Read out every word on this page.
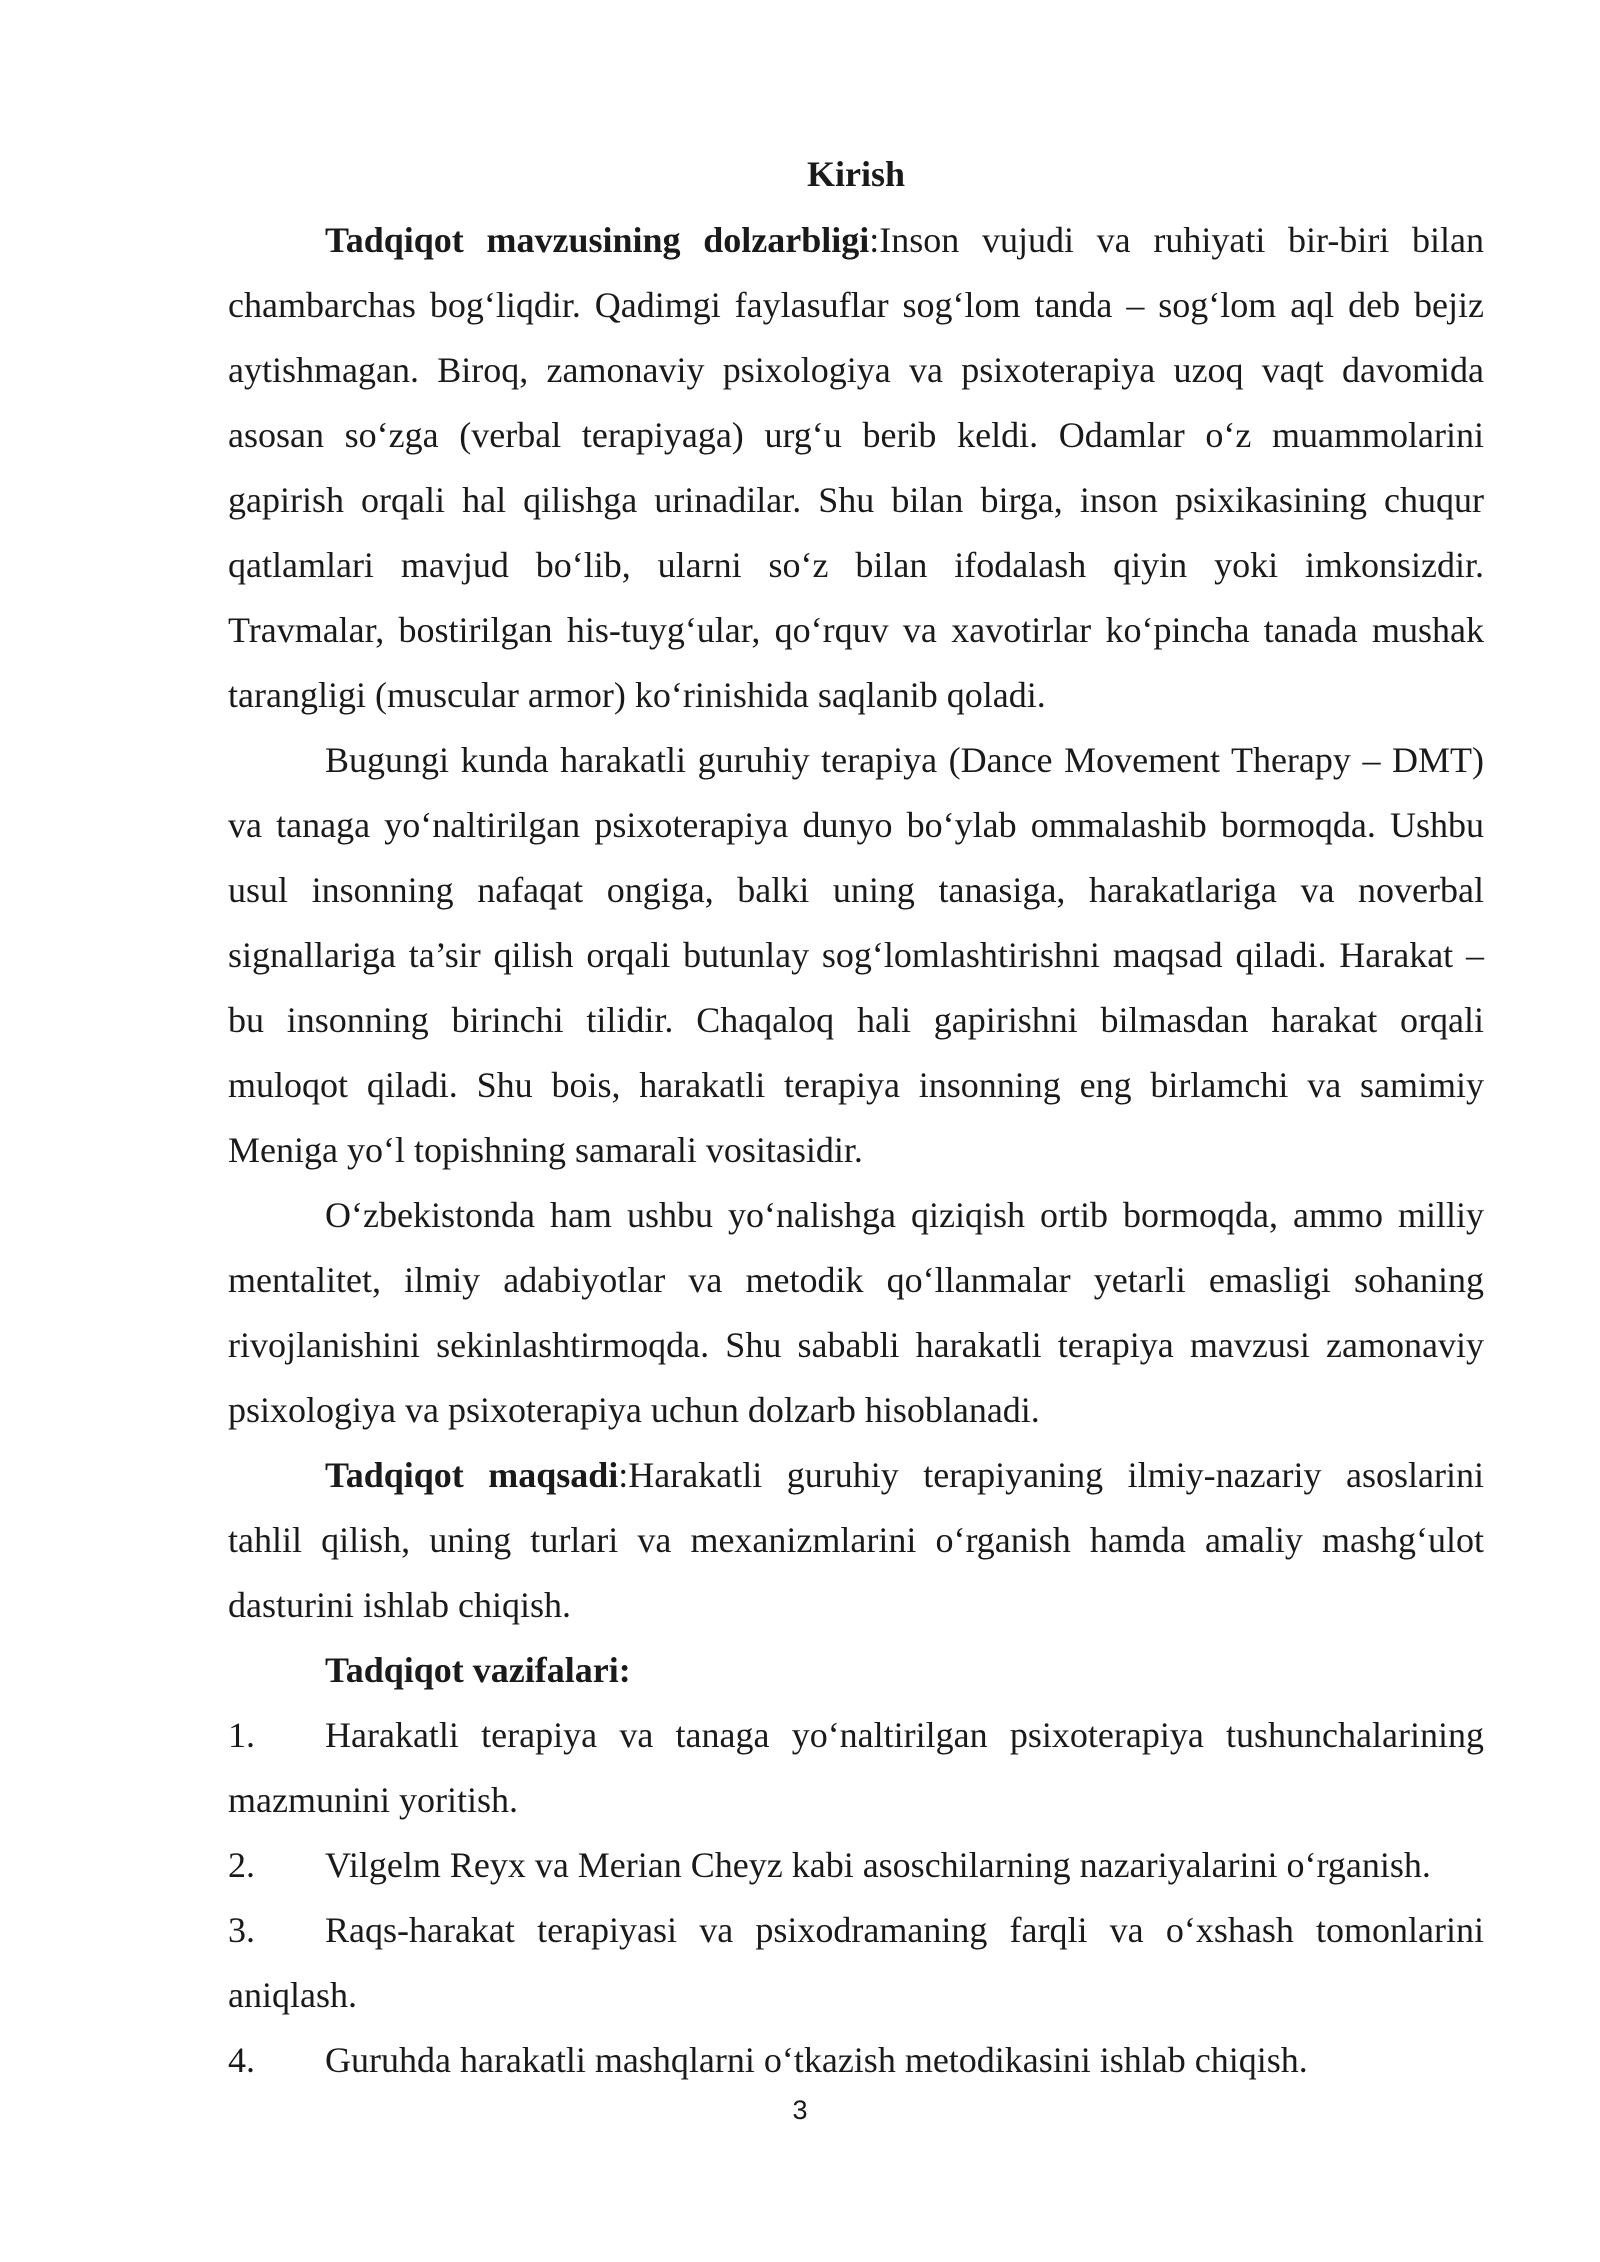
Kirish

Tadqiqot mavzusining dolzarbligi:Inson vujudi va ruhiyati bir-biri bilan chambarchas bog‘liqdir. Qadimgi faylasuflar sog‘lom tanda – sog‘lom aql deb bejiz aytishmagan. Biroq, zamonaviy psixologiya va psixoterapiya uzoq vaqt davomida asosan so‘zga (verbal terapiyaga) urg‘u berib keldi. Odamlar o‘z muammolarini gapirish orqali hal qilishga urinadilar. Shu bilan birga, inson psixikasining chuqur qatlamlari mavjud bo‘lib, ularni so‘z bilan ifodalash qiyin yoki imkonsizdir. Travmalar, bostirilgan his-tuyg‘ular, qo‘rquv va xavotirlar ko‘pincha tanada mushak tarangligi (muscular armor) ko‘rinishida saqlanib qoladi.

Bugungi kunda harakatli guruhiy terapiya (Dance Movement Therapy – DMT) va tanaga yo‘naltirilgan psixoterapiya dunyo bo‘ylab ommalashib bormoqda. Ushbu usul insonning nafaqat ongiga, balki uning tanasiga, harakatlariga va noverbal signallariga ta’sir qilish orqali butunlay sog‘lomlashtirishni maqsad qiladi. Harakat – bu insonning birinchi tilidir. Chaqaloq hali gapirishni bilmasdan harakat orqali muloqot qiladi. Shu bois, harakatli terapiya insonning eng birlamchi va samimiy Meniga yo‘l topishning samarali vositasidir.

O‘zbekistonda ham ushbu yo‘nalishga qiziqish ortib bormoqda, ammo milliy mentalitet, ilmiy adabiyotlar va metodik qo‘llanmalar yetarli emasligi sohaning rivojlanishini sekinlashtirmoqda. Shu sababli harakatli terapiya mavzusi zamonaviy psixologiya va psixoterapiya uchun dolzarb hisoblanadi.

Tadqiqot maqsadi:Harakatli guruhiy terapiyaning ilmiy-nazariy asoslarini tahlil qilish, uning turlari va mexanizmlarini o‘rganish hamda amaliy mashg‘ulot dasturini ishlab chiqish.

Tadqiqot vazifalari:

1. Harakatli terapiya va tanaga yo‘naltirilgan psixoterapiya tushunchalarining mazmunini yoritish.

2. Vilgelm Reyx va Merian Cheyz kabi asoschilarning nazariyalarini o‘rganish.

3. Raqs-harakat terapiyasi va psixodramaning farqli va o‘xshash tomonlarini aniqlash.

4. Guruhda harakatli mashqlarni o‘tkazish metodikasini ishlab chiqish.

3
